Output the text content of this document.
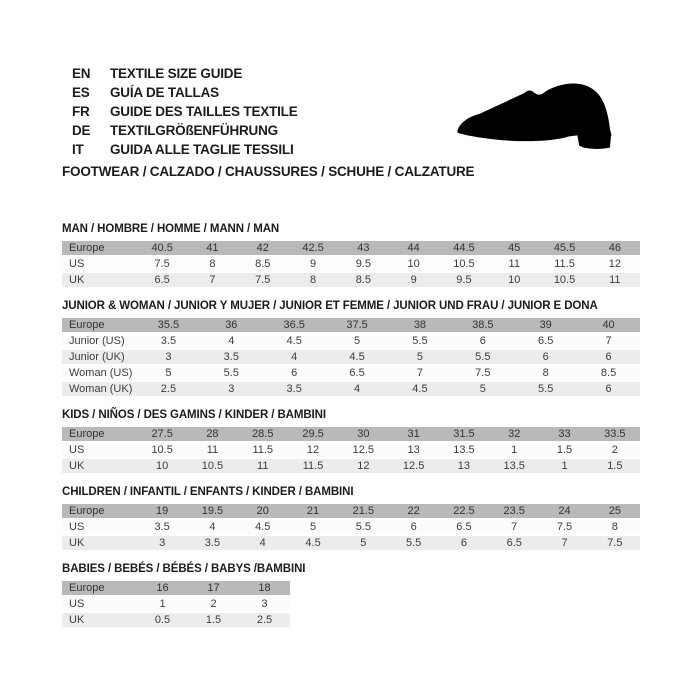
EN	TEXTILE SIZE GUIDE
ES	GUÍA DE TALLAS
FR	GUIDE DES TAILLES TEXTILE
DE	TEXTILGRÖßENFÜHRUNG
IT	GUIDA ALLE TAGLIE TESSILI
FOOTWEAR / CALZADO / CHAUSSURES / SCHUHE / CALZATURE
MAN / HOMBRE / HOMME / MANN / MAN
Europe	40.5	41	42	42.5	43	44	44.5	45	45.5	46
US	7.5	8	8.5	9	9.5	10	10.5	11	11.5	12
UK	6.5	7	7.5	8	8.5	9	9.5	10	10.5	11
JUNIOR & WOMAN / JUNIOR Y MUJER / JUNIOR ET FEMME / JUNIOR UND FRAU / JUNIOR E DONA
Europe	35.5	36	36.5	37.5	38	38.5	39	40
Junior (US)	3.5	4	4.5	5	5.5	6	6.5	7
Junior (UK)	3	3.5	4	4.5	5	5.5	6	6
Woman (US)	5	5.5	6	6.5	7	7.5	8	8.5
Woman (UK)	2.5	3	3.5	4	4.5	5	5.5	6
KIDS / NIÑOS / DES GAMINS / KINDER / BAMBINI
Europe	27.5	28	28.5	29.5	30	31	31.5	32	33	33.5
US	10.5	11	11.5	12	12.5	13	13.5	1	1.5	2
UK	10	10.5	11	11.5	12	12.5	13	13.5	1	1.5
CHILDREN / INFANTIL / ENFANTS / KINDER / BAMBINI
Europe	19	19.5	20	21	21.5	22	22.5	23.5	24	25
US	3.5	4	4.5	5	5.5	6	6.5	7	7.5	8
UK	3	3.5	4	4.5	5	5.5	6	6.5	7	7.5
BABIES / BEBÉS / BÉBÉS / BABYS /BAMBINI
Europe	16	17	18
US	1	2	3
UK	0.5	1.5	2.5
